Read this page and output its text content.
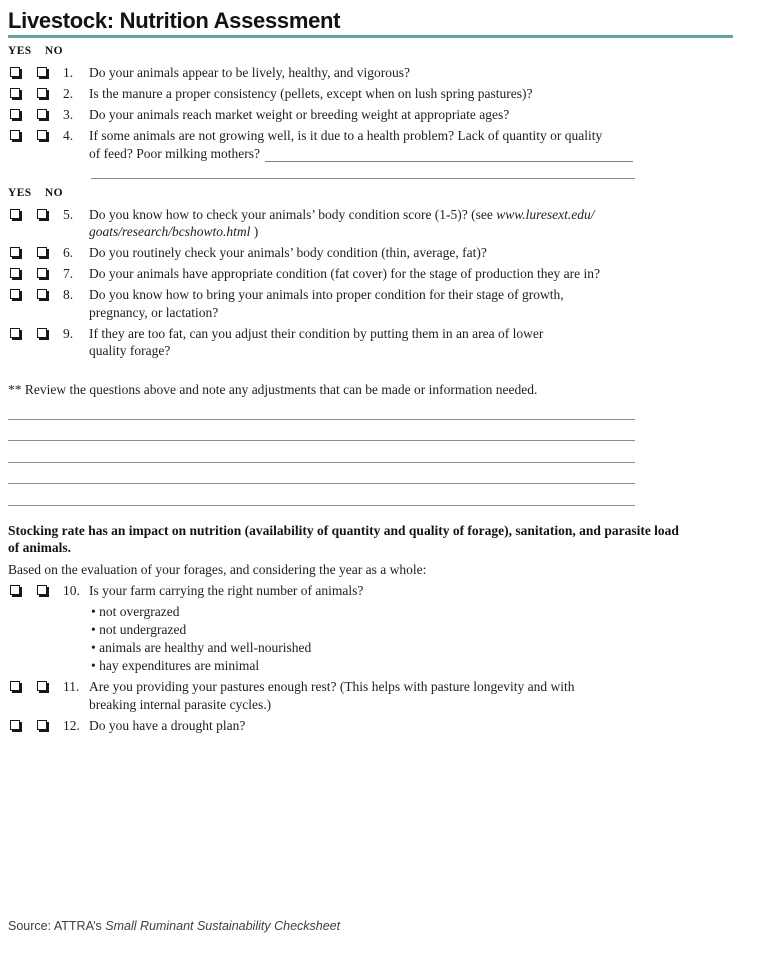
Livestock: Nutrition Assessment
YES NO
1.	Do your animals appear to be lively, healthy, and vigorous?
2.	Is the manure a proper consistency (pellets, except when on lush spring pastures)?
3.	Do your animals reach market weight or breeding weight at appropriate ages?
4.	If some animals are not growing well, is it due to a health problem? Lack of quantity or quality
of feed? Poor milking mothers?
YES NO
5.	Do you know how to check your animals’ body condition score (1-5)? (see www.luresext.edu/
goats/research/bcshowto.html )
6.	Do you routinely check your animals’ body condition (thin, average, fat)?
7.	Do your animals have appropriate condition (fat cover) for the stage of production they are in?
8.	Do you know how to bring your animals into proper condition for their stage of growth,
pregnancy, or lactation?
9.	If they are too fat, can you adjust their condition by putting them in an area of lower
quality forage?
** Review the questions above and note any adjustments that can be made or information needed.
Stocking rate has an impact on nutrition (availability of quantity and quality of forage), sanitation, and parasite load
of animals.
Based on the evaluation of your forages, and considering the year as a whole:
10. Is your farm carrying the right number of animals?
• not overgrazed
• not undergrazed
• animals are healthy and well-nourished
• hay expenditures are minimal
11. Are you providing your pastures enough rest? (This helps with pasture longevity and with
breaking internal parasite cycles.)
12. Do you have a drought plan?
Source: ATTRA’s Small Ruminant Sustainability Checksheet
